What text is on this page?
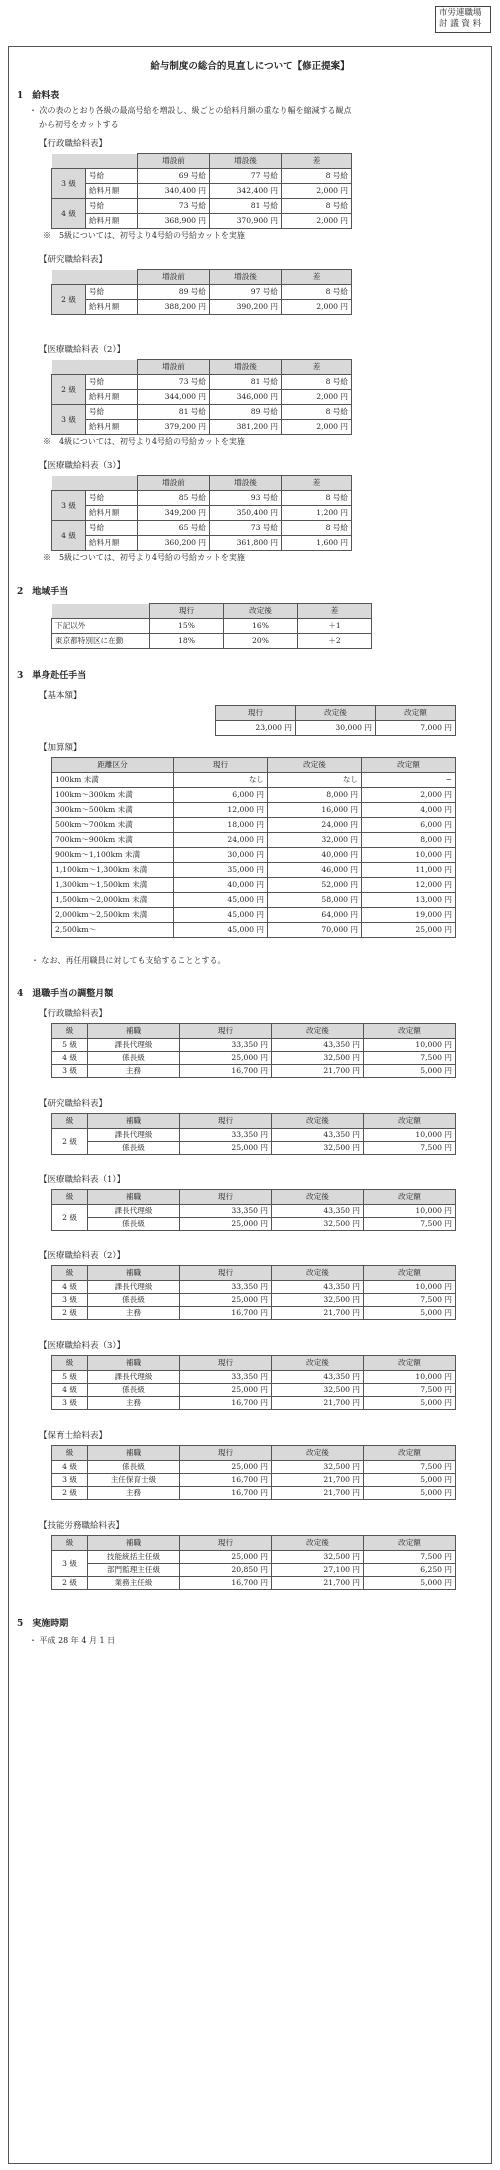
市労連職場
討 議 資 料
給与制度の総合的見直しについて【修正提案】
1　給料表
・ 次の表のとおり各級の最高号給を増設し、級ごとの給料月額の重なり幅を縮減する観点
から初号をカットする
【行政職給料表】
		増設前	増設後	差
3 級	号給	69 号給	77 号給	8 号給
	給料月額	340,400 円	342,400 円	2,000 円
4 級	号給	73 号給	81 号給	8 号給
	給料月額	368,900 円	370,900 円	2,000 円
※　5級については、初号より4号給の号給カットを実施
【研究職給料表】
		増設前	増設後	差
2 級	号給	89 号給	97 号給	8 号給
	給料月額	388,200 円	390,200 円	2,000 円
【医療職給料表（2）】
		増設前	増設後	差
2 級	号給	73 号給	81 号給	8 号給
	給料月額	344,000 円	346,000 円	2,000 円
3 級	号給	81 号給	89 号給	8 号給
	給料月額	379,200 円	381,200 円	2,000 円
※　4級については、初号より4号給の号給カットを実施
【医療職給料表（3）】
		増設前	増設後	差
3 級	号給	85 号給	93 号給	8 号給
	給料月額	349,200 円	350,400 円	1,200 円
4 級	号給	65 号給	73 号給	8 号給
	給料月額	360,200 円	361,800 円	1,600 円
※　5級については、初号より4号給の号給カットを実施
2　地域手当
	現行	改定後	差
下記以外	15%	16%	＋1
東京都特別区に在勤	18%	20%	＋2
3　単身赴任手当
【基本額】
現行	改定後	改定額
23,000 円	30,000 円	7,000 円
【加算額】
距離区分	現行	改定後	改定額
100km 未満	なし	なし	−
100km～300km 未満	6,000 円	8,000 円	2,000 円
300km～500km 未満	12,000 円	16,000 円	4,000 円
500km～700km 未満	18,000 円	24,000 円	6,000 円
700km～900km 未満	24,000 円	32,000 円	8,000 円
900km～1,100km 未満	30,000 円	40,000 円	10,000 円
1,100km～1,300km 未満	35,000 円	46,000 円	11,000 円
1,300km～1,500km 未満	40,000 円	52,000 円	12,000 円
1,500km～2,000km 未満	45,000 円	58,000 円	13,000 円
2,000km～2,500km 未満	45,000 円	64,000 円	19,000 円
2,500km～	45,000 円	70,000 円	25,000 円
・ なお、再任用職員に対しても支給することとする。
4　退職手当の調整月額
【行政職給料表】
級	補職	現行	改定後	改定額
5 級	課長代理級	33,350 円	43,350 円	10,000 円
4 級	係長級	25,000 円	32,500 円	7,500 円
3 級	主務	16,700 円	21,700 円	5,000 円
【研究職給料表】
級	補職	現行	改定後	改定額
2 級	課長代理級	33,350 円	43,350 円	10,000 円
	係長級	25,000 円	32,500 円	7,500 円
【医療職給料表（1）】
級	補職	現行	改定後	改定額
2 級	課長代理級	33,350 円	43,350 円	10,000 円
	係長級	25,000 円	32,500 円	7,500 円
【医療職給料表（2）】
級	補職	現行	改定後	改定額
4 級	課長代理級	33,350 円	43,350 円	10,000 円
3 級	係長級	25,000 円	32,500 円	7,500 円
2 級	主務	16,700 円	21,700 円	5,000 円
【医療職給料表（3）】
級	補職	現行	改定後	改定額
5 級	課長代理級	33,350 円	43,350 円	10,000 円
4 級	係長級	25,000 円	32,500 円	7,500 円
3 級	主務	16,700 円	21,700 円	5,000 円
【保育士給料表】
級	補職	現行	改定後	改定額
4 級	係長級	25,000 円	32,500 円	7,500 円
3 級	主任保育士級	16,700 円	21,700 円	5,000 円
2 級	主務	16,700 円	21,700 円	5,000 円
【技能労務職給料表】
級	補職	現行	改定後	改定額
3 級	技能統括主任級	25,000 円	32,500 円	7,500 円
	部門監理主任級	20,850 円	27,100 円	6,250 円
2 級	業務主任級	16,700 円	21,700 円	5,000 円
5　実施時期
・ 平成 28 年 4 月 1 日
